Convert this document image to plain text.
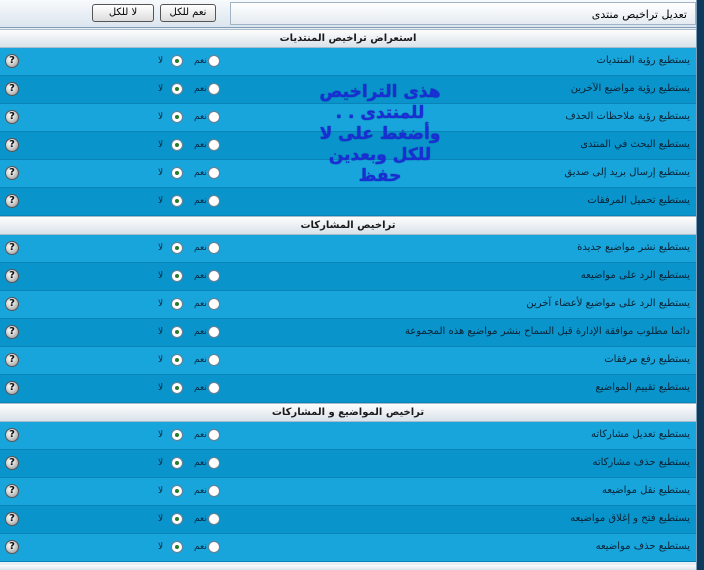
نعم للكل
لا للكل	تعديل تراخيص منتدى
استعراض تراخيص المنتديات
?	لا	نعم	يستطيع رؤية المنتديات
?	لا	نعم	يستطيع رؤية مواضيع الآخرين
?	لا	نعم	يستطيع رؤية ملاحظات الحذف
?	لا	نعم	يستطيع البحث في المنتدى
?	لا	نعم	يستطيع إرسال بريد إلى صديق
?	لا	نعم	يستطيع تحميل المرفقات
تراخيص المشاركات
?	لا	نعم	يستطيع نشر مواضيع جديدة
?	لا	نعم	يستطيع الرد على مواضيعه
?	لا	نعم	يستطيع الرد على مواضيع لأعضاء آخرين
?	لا	نعم	دائما مطلوب موافقة الإدارة قبل السماح بنشر مواضيع هذه المجموعة
?	لا	نعم	يستطيع رفع مرفقات
?	لا	نعم	يستطيع تقييم المواضيع
تراخيص المواضيع و المشاركات
?	لا	نعم	يستطيع تعديل مشاركاته
?	لا	نعم	يستطيع حذف مشاركاته
?	لا	نعم	يستطيع نقل مواضيعه
?	لا	نعم	يستطيع فتح و إغلاق مواضيعه
?	لا	نعم	يستطيع حذف مواضيعه
هذى التراخيص
للمنتدى . .
وأضغط على لا
للكل وبعدين
حفظ
